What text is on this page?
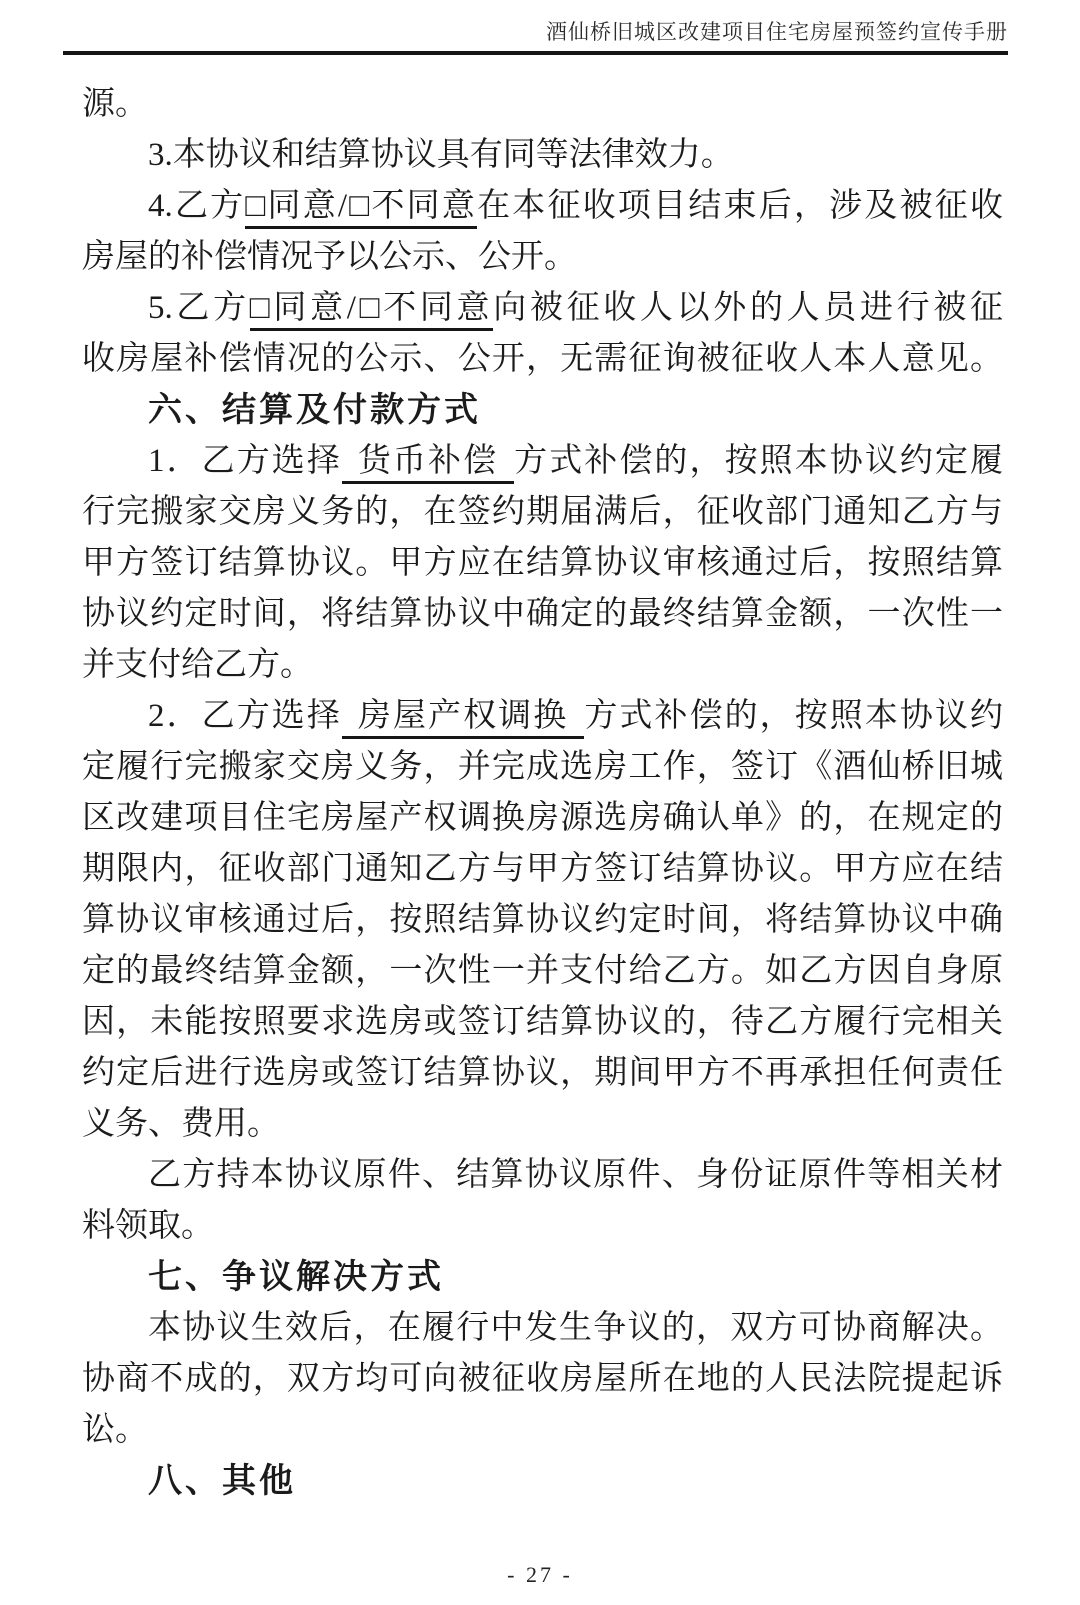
酒仙桥旧城区改建项目住宅房屋预签约宣传手册
源。
3.本协议和结算协议具有同等法律效力。
4.乙方□同意/□不同意在本征收项目结束后，涉及被征收
房屋的补偿情况予以公示、公开。
5.乙方□同意/□不同意向被征收人以外的人员进行被征
收房屋补偿情况的公示、公开，无需征询被征收人本人意见。
六、结算及付款方式
1．乙方选择 货币补偿 方式补偿的，按照本协议约定履
行完搬家交房义务的，在签约期届满后，征收部门通知乙方与
甲方签订结算协议。甲方应在结算协议审核通过后，按照结算
协议约定时间，将结算协议中确定的最终结算金额，一次性一
并支付给乙方。
2．乙方选择 房屋产权调换 方式补偿的，按照本协议约
定履行完搬家交房义务，并完成选房工作，签订《酒仙桥旧城
区改建项目住宅房屋产权调换房源选房确认单》的，在规定的
期限内，征收部门通知乙方与甲方签订结算协议。甲方应在结
算协议审核通过后，按照结算协议约定时间，将结算协议中确
定的最终结算金额，一次性一并支付给乙方。如乙方因自身原
因，未能按照要求选房或签订结算协议的，待乙方履行完相关
约定后进行选房或签订结算协议，期间甲方不再承担任何责任
义务、费用。
乙方持本协议原件、结算协议原件、身份证原件等相关材
料领取。
七、争议解决方式
本协议生效后，在履行中发生争议的，双方可协商解决。
协商不成的，双方均可向被征收房屋所在地的人民法院提起诉
讼。
八、其他
- 27 -
